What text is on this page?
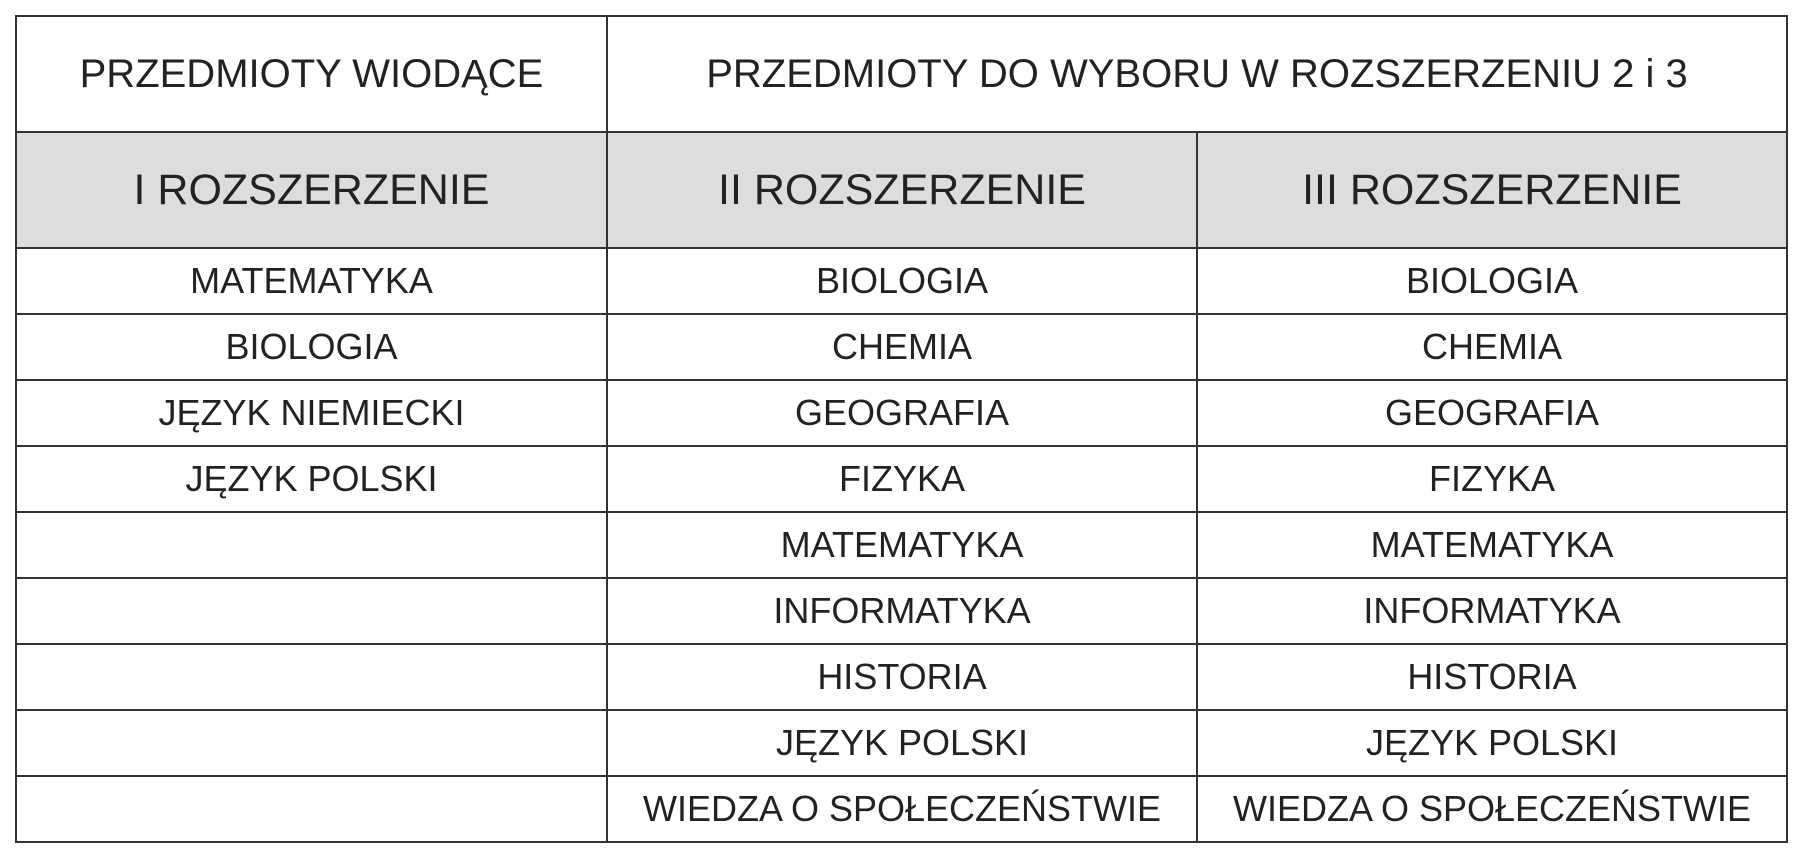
PRZEDMIOTY WIODĄCE	PRZEDMIOTY DO WYBORU W ROZSZERZENIU 2 i 3	
I ROZSZERZENIE	II ROZSZERZENIE	III ROZSZERZENIE
MATEMATYKA	BIOLOGIA	BIOLOGIA
BIOLOGIA	CHEMIA	CHEMIA
JĘZYK NIEMIECKI	GEOGRAFIA	GEOGRAFIA
JĘZYK POLSKI	FIZYKA	FIZYKA
	MATEMATYKA	MATEMATYKA
	INFORMATYKA	INFORMATYKA
	HISTORIA	HISTORIA
	JĘZYK POLSKI	JĘZYK POLSKI
	WIEDZA O SPOŁECZEŃSTWIE	WIEDZA O SPOŁECZEŃSTWIE
